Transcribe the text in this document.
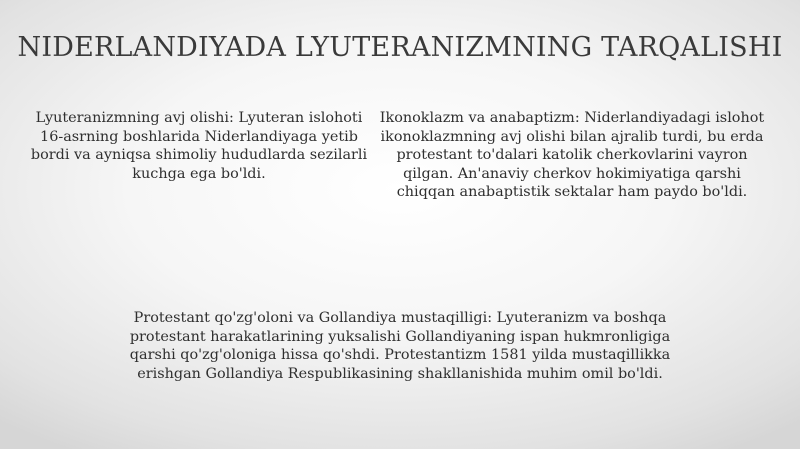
NIDERLANDIYADA LYUTERANIZMNING TARQALISHI

Lyuteranizmning avj olishi: Lyuteran islohoti 16-asrning boshlarida Niderlandiyaga yetib bordi va ayniqsa shimoliy hududlarda sezilarli kuchga ega bo'ldi.

Ikonoklazm va anabaptizm: Niderlandiyadagi islohot ikonoklazmning avj olishi bilan ajralib turdi, bu erda protestant to'dalari katolik cherkovlarini vayron qilgan. An'anaviy cherkov hokimiyatiga qarshi chiqqan anabaptistik sektalar ham paydo bo'ldi.

Protestant qo'zg'oloni va Gollandiya mustaqilligi: Lyuteranizm va boshqa protestant harakatlarining yuksalishi Gollandiyaning ispan hukmronligiga qarshi qo'zg'oloniga hissa qo'shdi. Protestantizm 1581 yilda mustaqillikka erishgan Gollandiya Respublikasining shakllanishida muhim omil bo'ldi.
